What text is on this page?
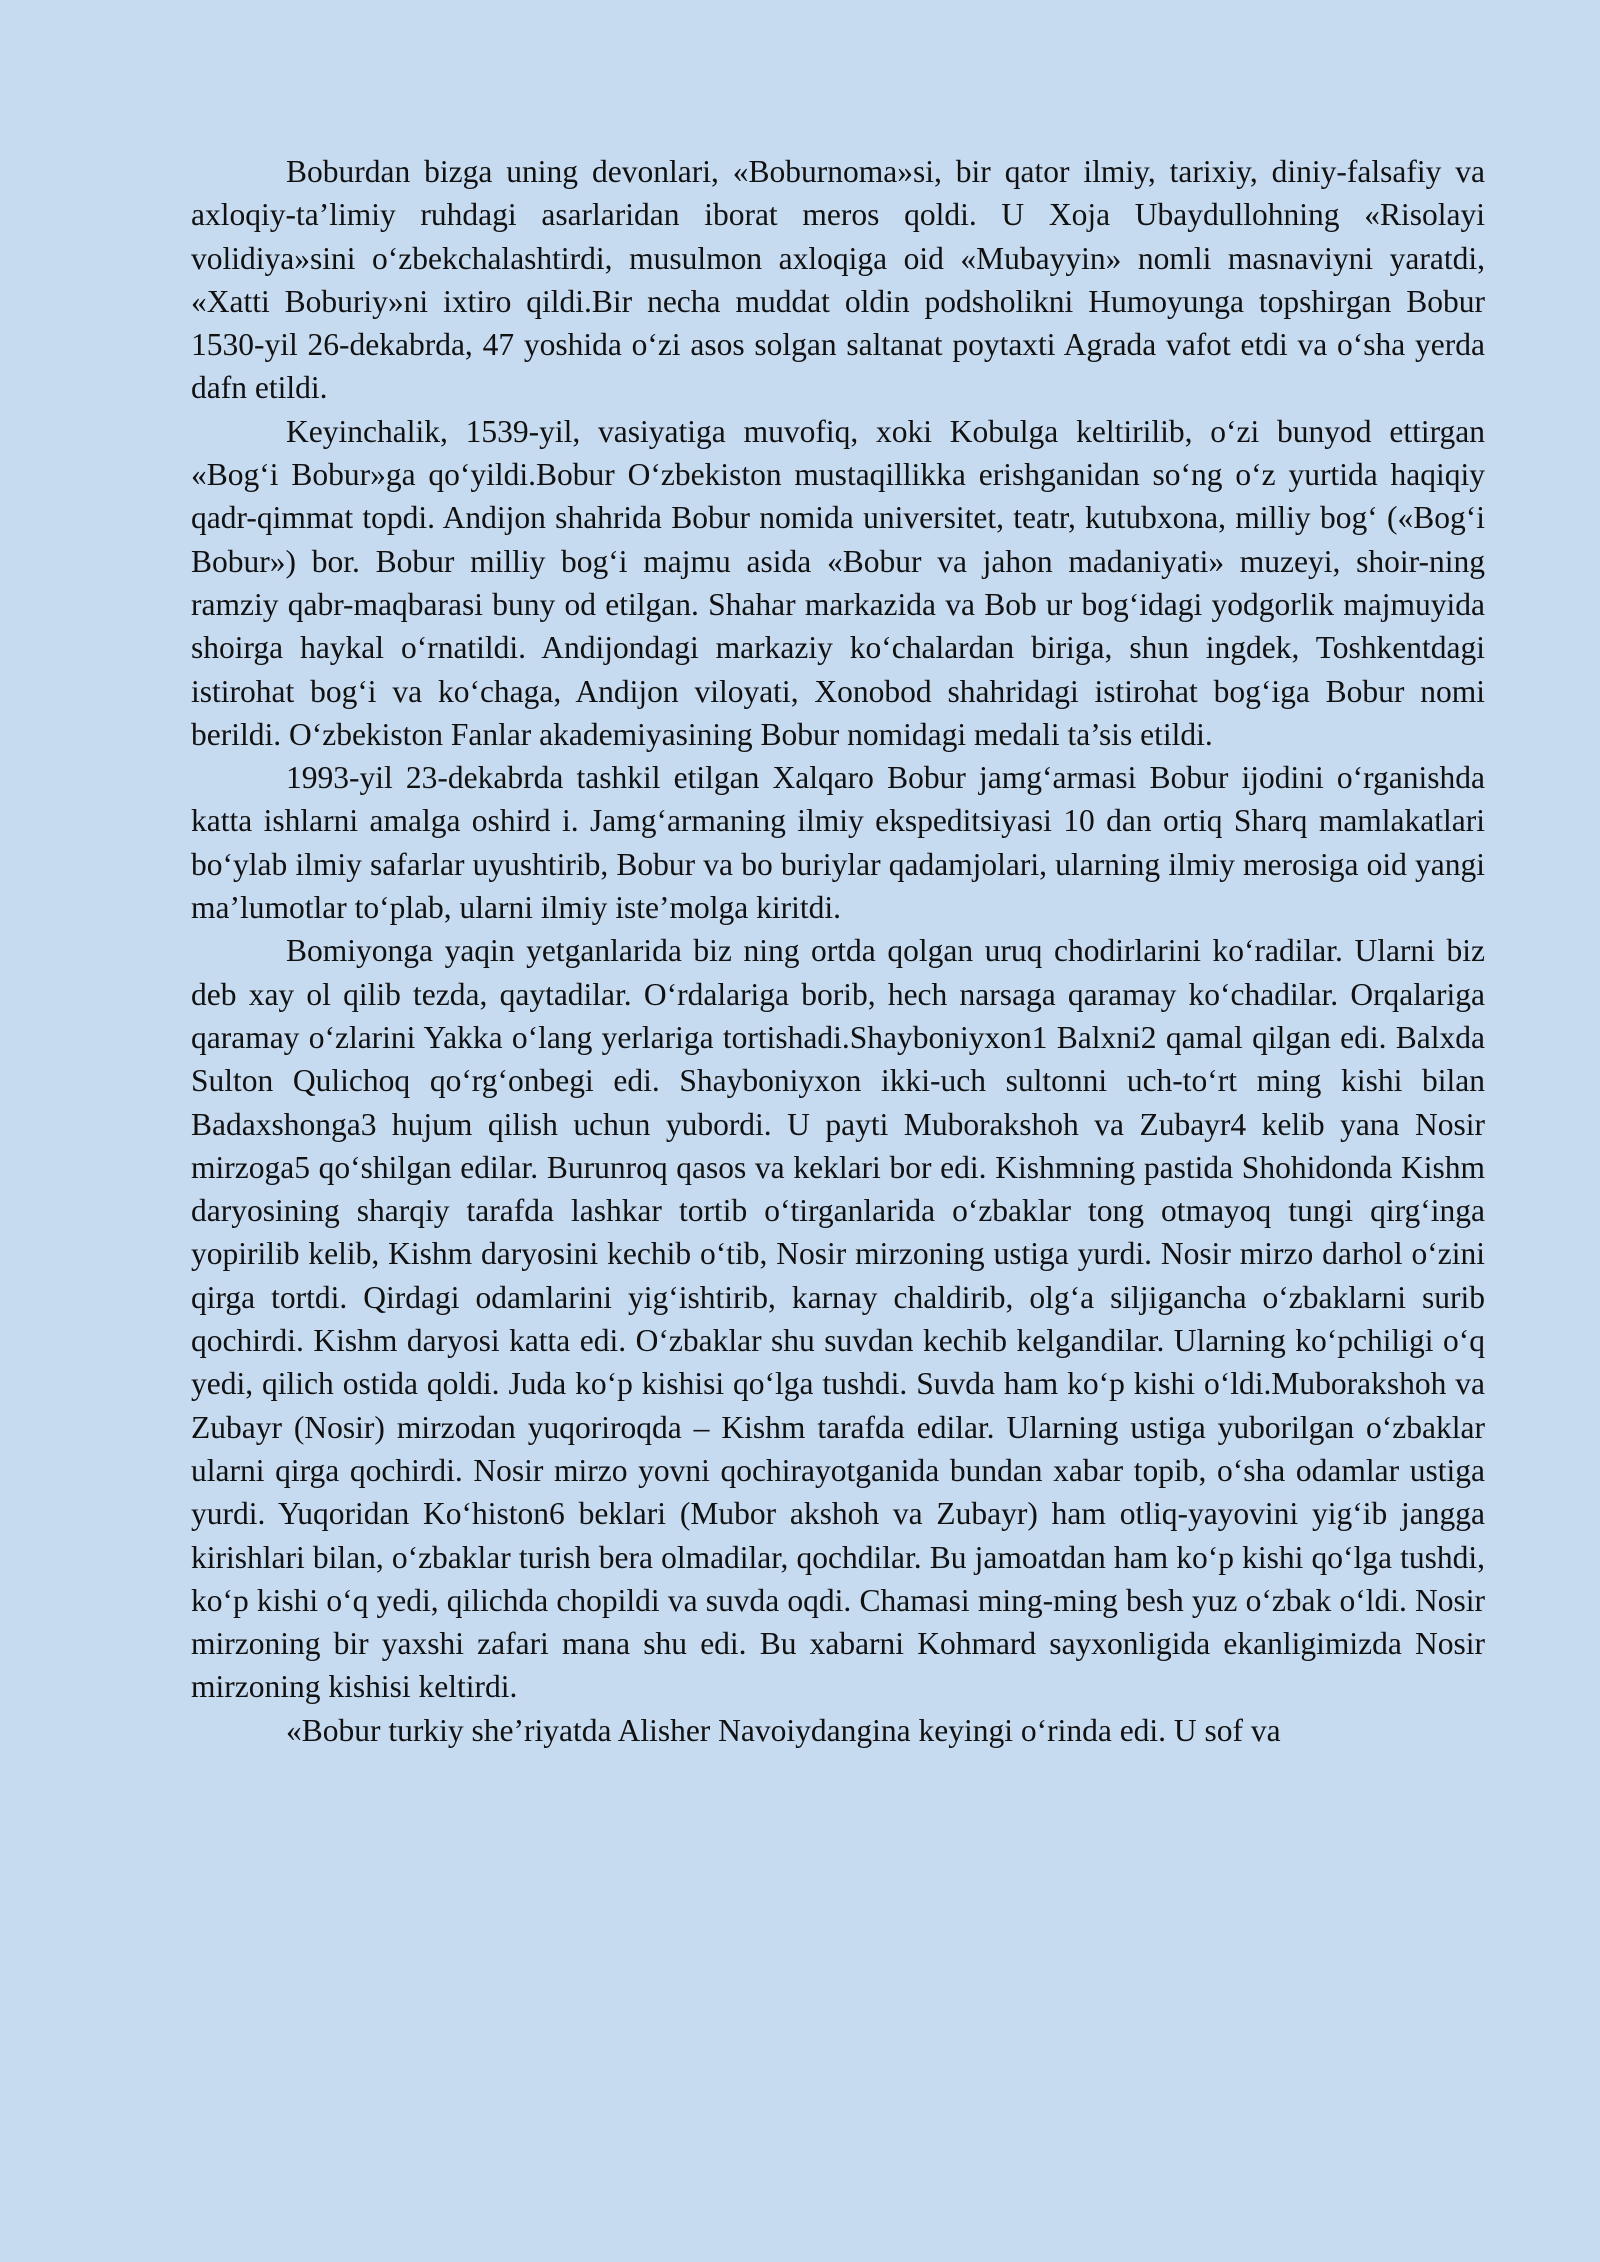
Boburdan bizga uning devonlari, «Boburnoma»si, bir qator ilmiy, tarixiy, diniy-falsafiy va axloqiy-ta’limiy ruhdagi asarlaridan iborat meros qoldi. U Xoja Ubaydullohning «Risolayi volidiya»sini o‘zbekchalashtirdi, musulmon axloqiga oid «Mubayyin» nomli masnaviyni yaratdi, «Xatti Boburiy»ni ixtiro qildi.Bir necha muddat oldin podsholikni Humoyunga topshirgan Bobur 1530-yil 26-dekabrda, 47 yoshida o‘zi asos solgan saltanat poytaxti Agrada vafot etdi va o‘sha yerda dafn etildi.

Keyinchalik, 1539-yil, vasiyatiga muvofiq, xoki Kobulga keltirilib, o‘zi bunyod ettirgan «Bog‘i Bobur»ga qo‘yildi.Bobur O‘zbekiston mustaqillikka erishganidan so‘ng o‘z yurtida haqiqiy qadr-qimmat topdi. Andijon shahrida Bobur nomida universitet, teatr, kutubxona, milliy bog‘ («Bog‘i Bobur») bor. Bobur milliy bog‘i majmu asida «Bobur va jahon madaniyati» muzeyi, shoir-ning ramziy qabr-maqbarasi buny od etilgan. Shahar markazida va Bob ur bog‘idagi yodgorlik majmuyida shoirga haykal o‘rnatildi. Andijondagi markaziy ko‘chalardan biriga, shun ingdek, Toshkentdagi istirohat bog‘i va ko‘chaga, Andijon viloyati, Xonobod shahridagi istirohat bog‘iga Bobur nomi berildi. O‘zbekiston Fanlar akademiyasining Bobur nomidagi medali ta’sis etildi.

1993-yil 23-dekabrda tashkil etilgan Xalqaro Bobur jamg‘armasi Bobur ijodini o‘rganishda katta ishlarni amalga oshird i. Jamg‘armaning ilmiy ekspeditsiyasi 10 dan ortiq Sharq mamlakatlari bo‘ylab ilmiy safarlar uyushtirib, Bobur va bo buriylar qadamjolari, ularning ilmiy merosiga oid yangi ma’lumotlar to‘plab, ularni ilmiy iste’molga kiritdi.

Bomiyonga yaqin yetganlarida biz ning ortda qolgan uruq chodirlarini ko‘radilar. Ularni biz deb xay ol qilib tezda, qaytadilar. O‘rdalariga borib, hech narsaga qaramay ko‘chadilar. Orqalariga qaramay o‘zlarini Yakka o‘lang yerlariga tortishadi.Shayboniyxon1 Balxni2 qamal qilgan edi. Balxda Sulton Qulichoq qo‘rg‘onbegi edi. Shayboniyxon ikki-uch sultonni uch-to‘rt ming kishi bilan Badaxshonga3 hujum qilish uchun yubordi. U payti Muborakshoh va Zubayr4 kelib yana Nosir mirzoga5 qo‘shilgan edilar. Burunroq qasos va keklari bor edi. Kishmning pastida Shohidonda Kishm daryosining sharqiy tarafda lashkar tortib o‘tirganlarida o‘zbaklar tong otmayoq tungi qirg‘inga yopirilib kelib, Kishm daryosini kechib o‘tib, Nosir mirzoning ustiga yurdi. Nosir mirzo darhol o‘zini qirga tortdi. Qirdagi odamlarini yig‘ishtirib, karnay chaldirib, olg‘a siljigancha o‘zbaklarni surib qochirdi. Kishm daryosi katta edi. O‘zbaklar shu suvdan kechib kelgandilar. Ularning ko‘pchiligi o‘q yedi, qilich ostida qoldi. Juda ko‘p kishisi qo‘lga tushdi. Suvda ham ko‘p kishi o‘ldi.Muborakshoh va Zubayr (Nosir) mirzodan yuqoriroqda – Kishm tarafda edilar. Ularning ustiga yuborilgan o‘zbaklar ularni qirga qochirdi. Nosir mirzo yovni qochirayotganida bundan xabar topib, o‘sha odamlar ustiga yurdi. Yuqoridan Ko‘histon6 beklari (Mubor akshoh va Zubayr) ham otliq-yayovini yig‘ib jangga kirishlari bilan, o‘zbaklar turish bera olmadilar, qochdilar. Bu jamoatdan ham ko‘p kishi qo‘lga tushdi, ko‘p kishi o‘q yedi, qilichda chopildi va suvda oqdi. Chamasi ming-ming besh yuz o‘zbak o‘ldi. Nosir mirzoning bir yaxshi zafari mana shu edi. Bu xabarni Kohmard sayxonligida ekanligimizda Nosir mirzoning kishisi keltirdi.

«Bobur turkiy she’riyatda Alisher Navoiydangina keyingi o‘rinda edi. U sof va
